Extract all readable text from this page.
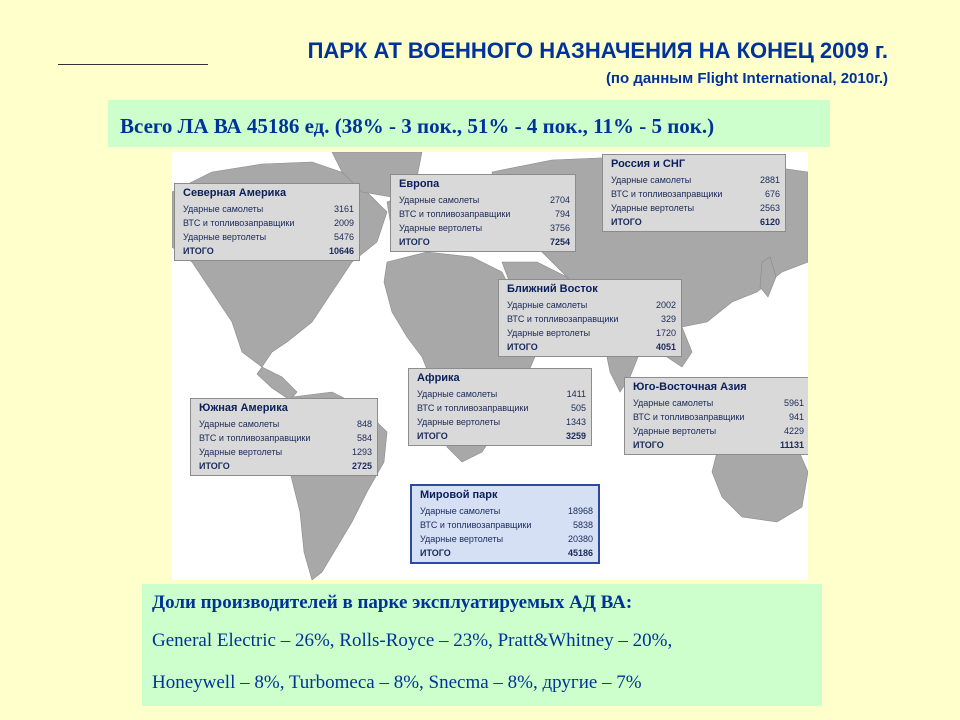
ПАРК АТ ВОЕННОГО НАЗНАЧЕНИЯ НА КОНЕЦ 2009 г.
(по данным Flight International, 2010г.)
Всего ЛА ВА 45186 ед. (38% - 3 пок., 51% - 4 пок., 11% - 5 пок.)
Северная Америка
Ударные самолеты	3161
ВТС и топливозаправщики	2009
Ударные вертолеты	5476
ИТОГО	10646
Европа
Ударные самолеты	2704
ВТС и топливозаправщики	794
Ударные вертолеты	3756
ИТОГО	7254
Россия и СНГ
Ударные самолеты	2881
ВТС и топливозаправщики	676
Ударные вертолеты	2563
ИТОГО	6120
Ближний Восток
Ударные самолеты	2002
ВТС и топливозаправщики	329
Ударные вертолеты	1720
ИТОГО	4051
Африка
Ударные самолеты	1411
ВТС и топливозаправщики	505
Ударные вертолеты	1343
ИТОГО	3259
Южная Америка
Ударные самолеты	848
ВТС и топливозаправщики	584
Ударные вертолеты	1293
ИТОГО	2725
Юго-Восточная Азия
Ударные самолеты	5961
ВТС и топливозаправщики	941
Ударные вертолеты	4229
ИТОГО	11131
Мировой парк
Ударные самолеты	18968
ВТС и топливозаправщики	5838
Ударные вертолеты	20380
ИТОГО	45186
Доли производителей в парке эксплуатируемых АД ВА:
General Electric – 26%, Rolls-Royce – 23%, Pratt&Whitney – 20%,
Honeywell – 8%, Turbomeca – 8%, Snecma – 8%, другие – 7%
